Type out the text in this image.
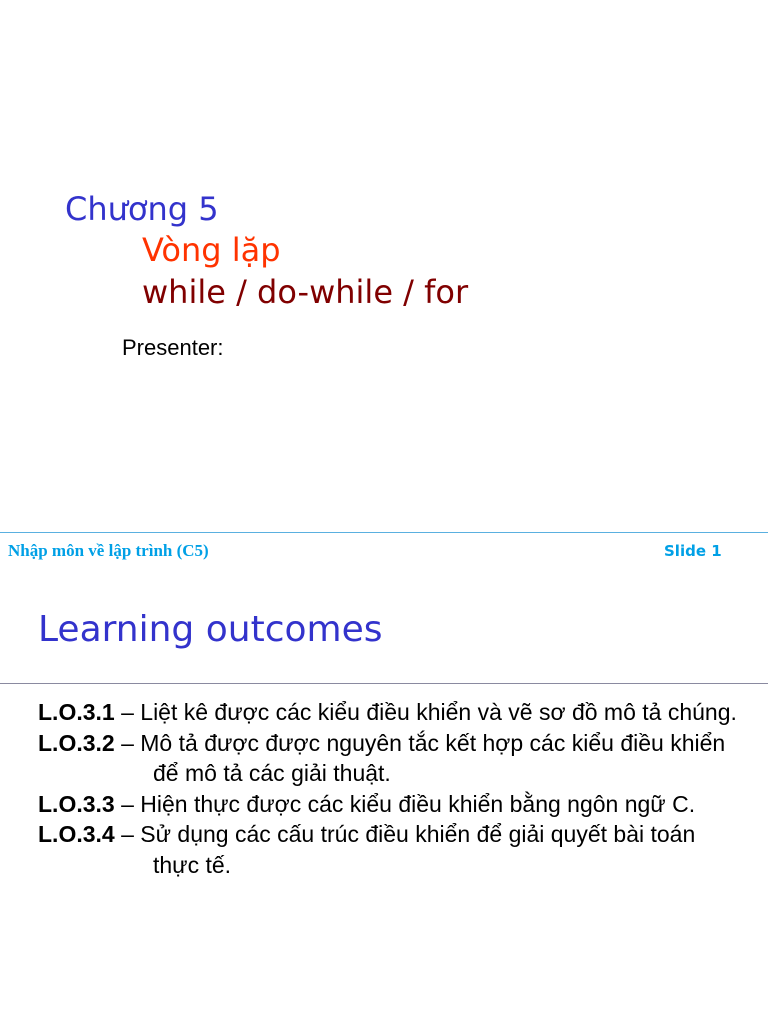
Chương 5
Vòng lặp
while / do-while / for
Presenter:
Nhập môn về lập trình (C5)	Slide 1
Learning outcomes
L.O.3.1 – Liệt kê được các kiểu điều khiển và vẽ sơ đồ mô tả chúng.
L.O.3.2 – Mô tả được được nguyên tắc kết hợp các kiểu điều khiển để mô tả các giải thuật.
L.O.3.3 – Hiện thực được các kiểu điều khiển bằng ngôn ngữ C.
L.O.3.4 – Sử dụng các cấu trúc điều khiển để giải quyết bài toán thực tế.
